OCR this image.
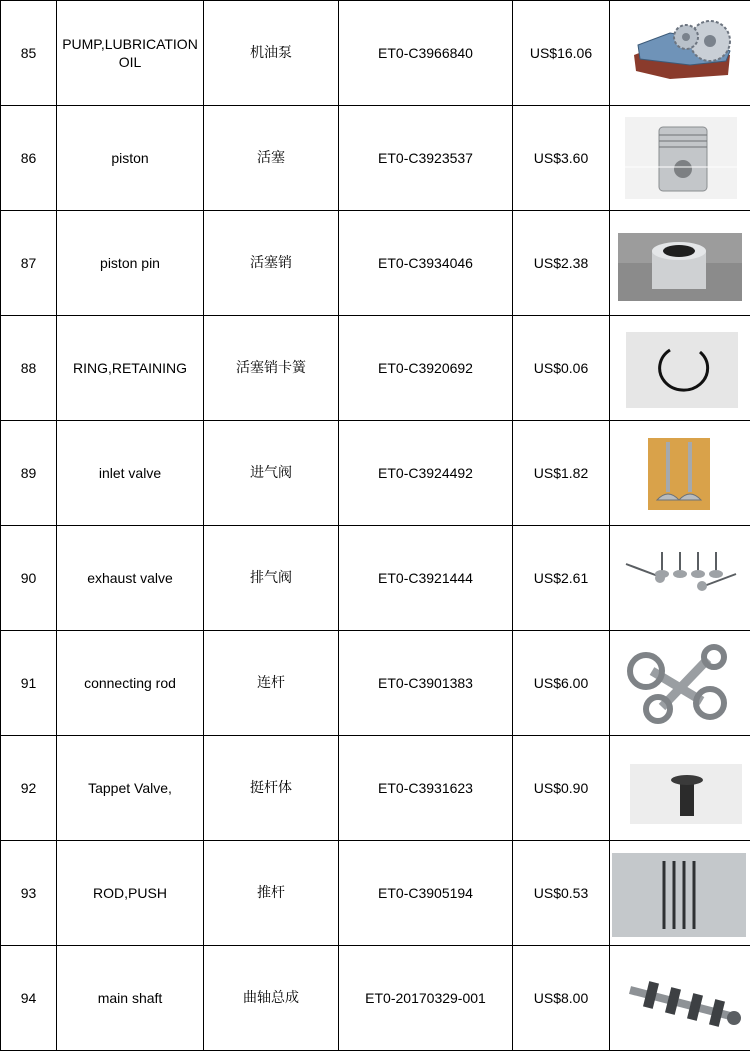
85	PUMP,LUBRICATION OIL	机油泵	ET0-C3966840	US$16.06	

86	piston	活塞	ET0-C3923537	US$3.60	

87	piston pin	活塞销	ET0-C3934046	US$2.38	

88	RING,RETAINING	活塞销卡簧	ET0-C3920692	US$0.06	

89	inlet valve	进气阀	ET0-C3924492	US$1.82	

90	exhaust valve	排气阀	ET0-C3921444	US$2.61	

91	connecting rod	连杆	ET0-C3901383	US$6.00	

92	Tappet Valve,	挺杆体	ET0-C3931623	US$0.90	

93	ROD,PUSH	推杆	ET0-C3905194	US$0.53	

94	main shaft	曲轴总成	ET0-20170329-001	US$8.00	
